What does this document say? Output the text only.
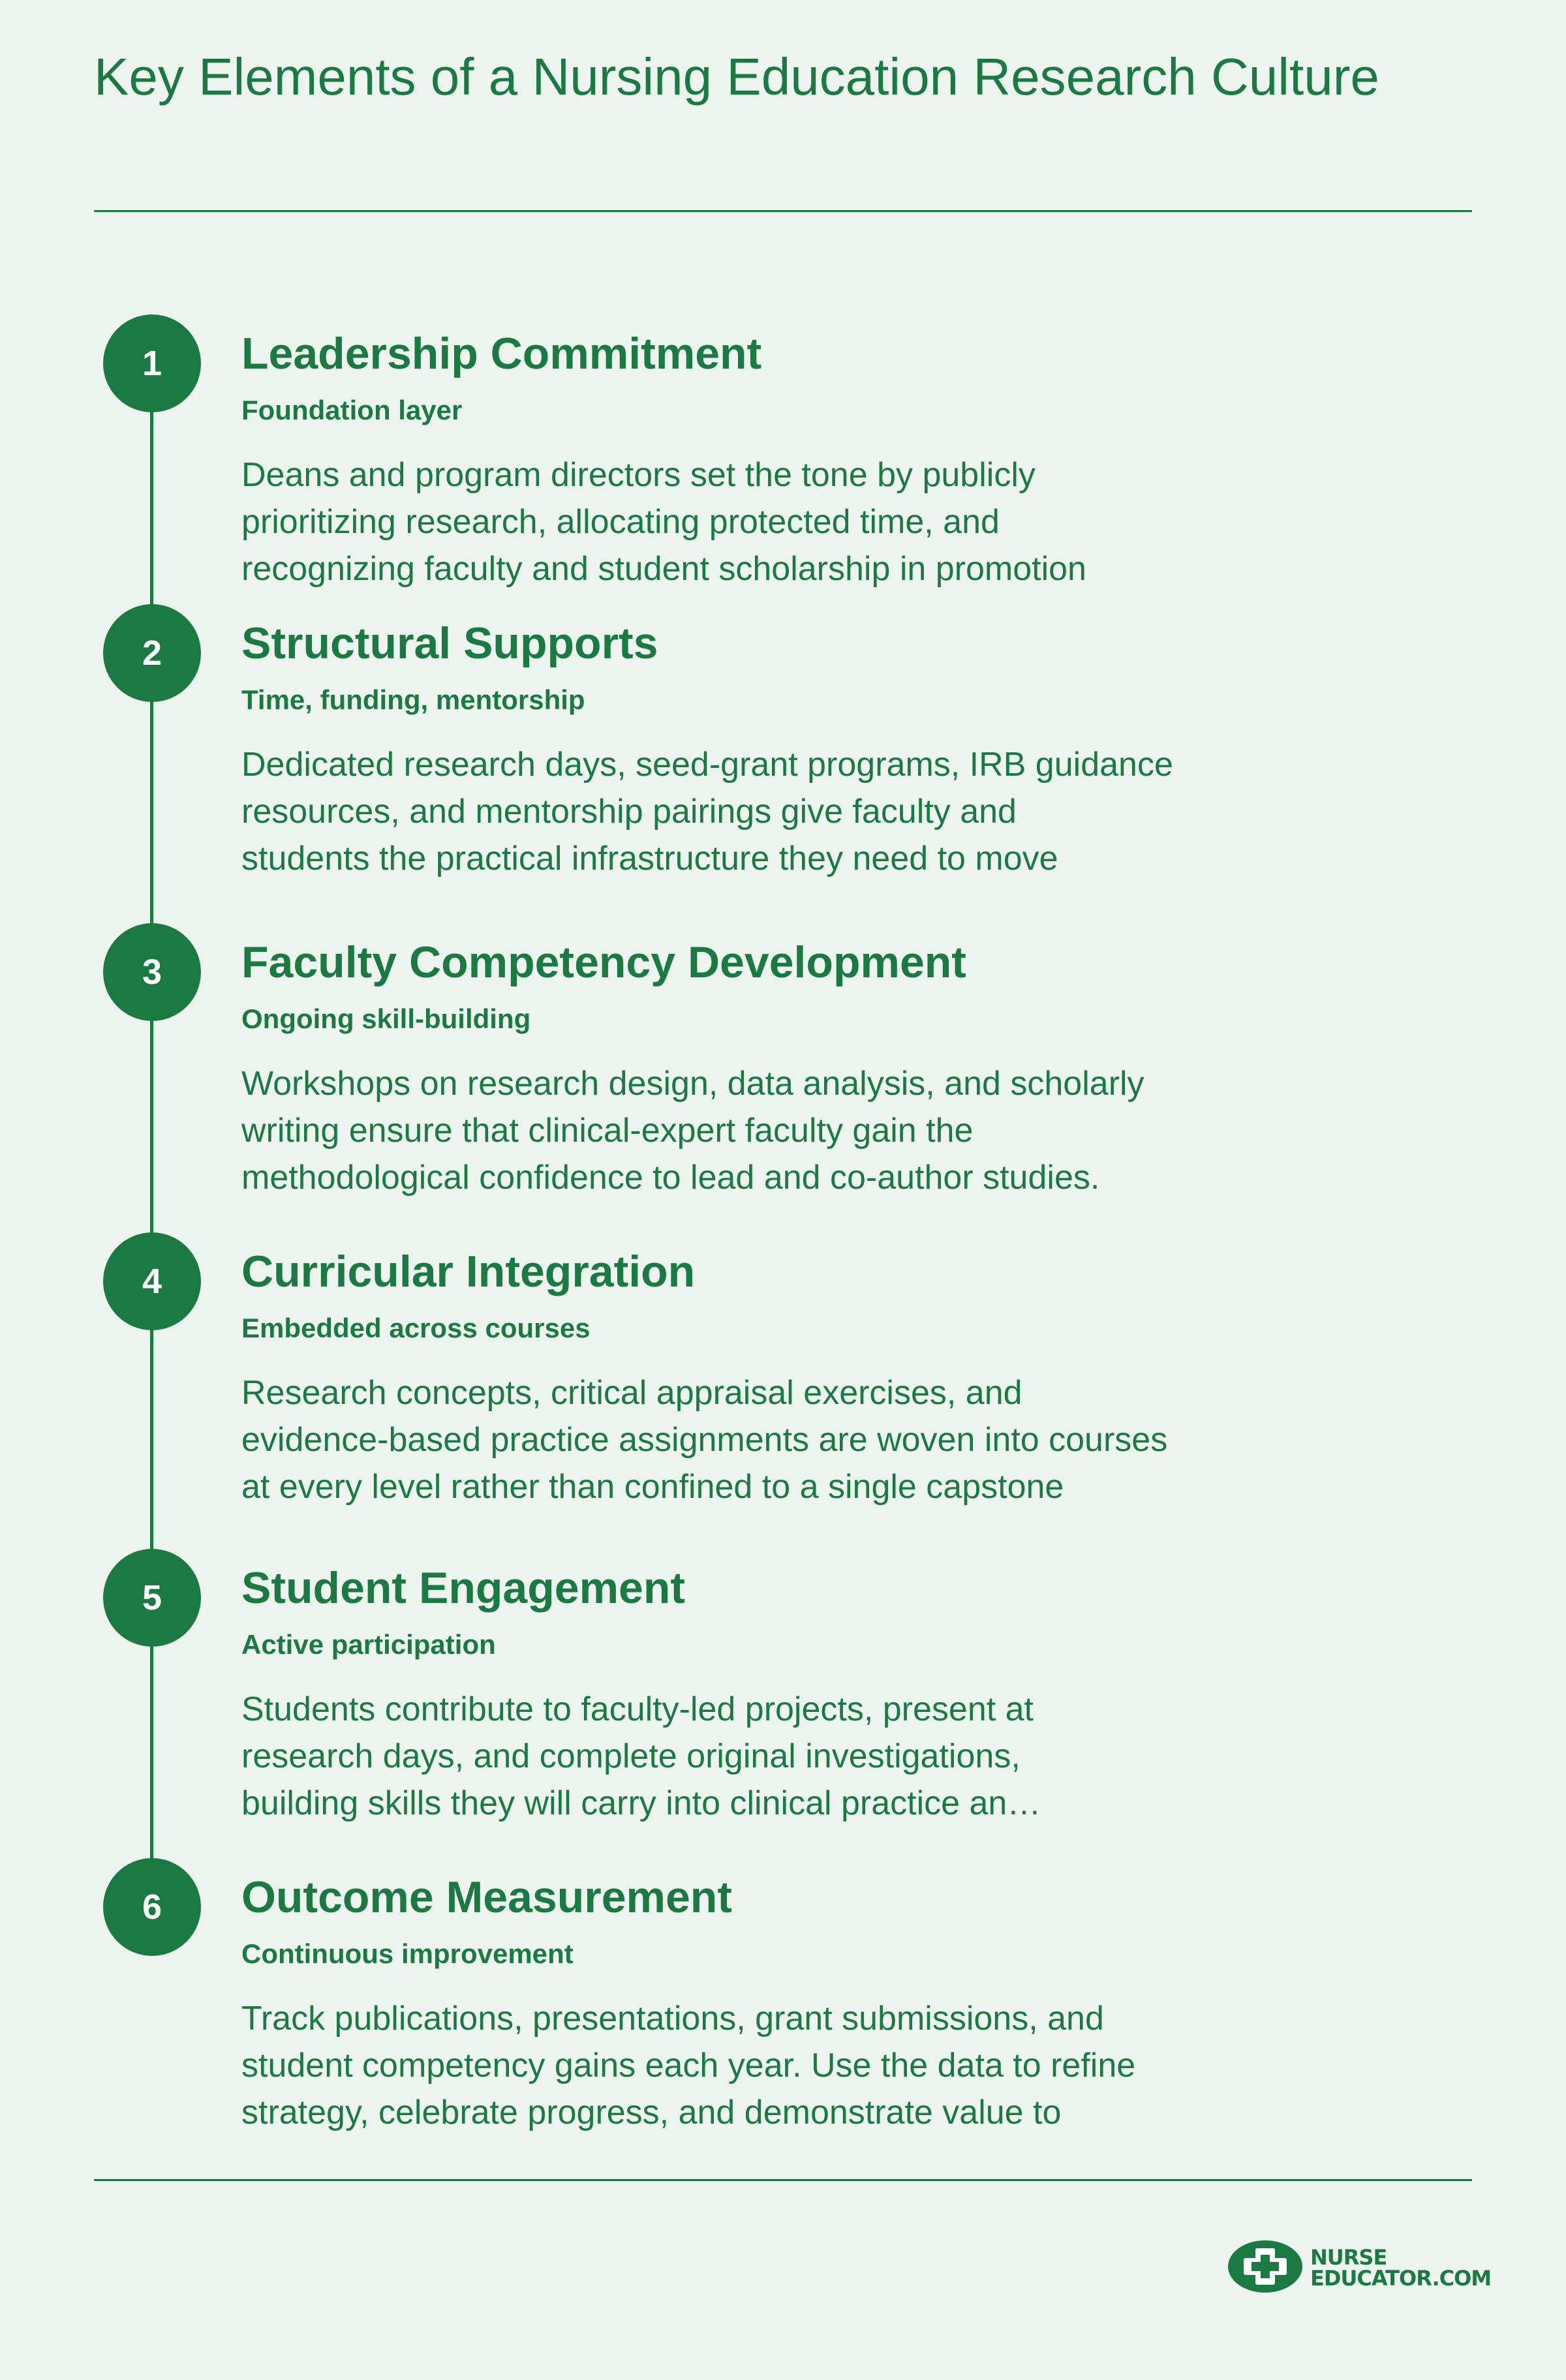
Key Elements of a Nursing Education Research Culture
1	Leadership Commitment
Foundation layer
Deans and program directors set the tone by publicly
prioritizing research, allocating protected time, and
recognizing faculty and student scholarship in promotion
2	Structural Supports
Time, funding, mentorship
Dedicated research days, seed-grant programs, IRB guidance
resources, and mentorship pairings give faculty and
students the practical infrastructure they need to move
3	Faculty Competency Development
Ongoing skill-building
Workshops on research design, data analysis, and scholarly
writing ensure that clinical-expert faculty gain the
methodological confidence to lead and co-author studies.
4	Curricular Integration
Embedded across courses
Research concepts, critical appraisal exercises, and
evidence-based practice assignments are woven into courses
at every level rather than confined to a single capstone
5	Student Engagement
Active participation
Students contribute to faculty-led projects, present at
research days, and complete original investigations,
building skills they will carry into clinical practice an…
6	Outcome Measurement
Continuous improvement
Track publications, presentations, grant submissions, and
student competency gains each year. Use the data to refine
strategy, celebrate progress, and demonstrate value to
NURSE
EDUCATOR.COM
